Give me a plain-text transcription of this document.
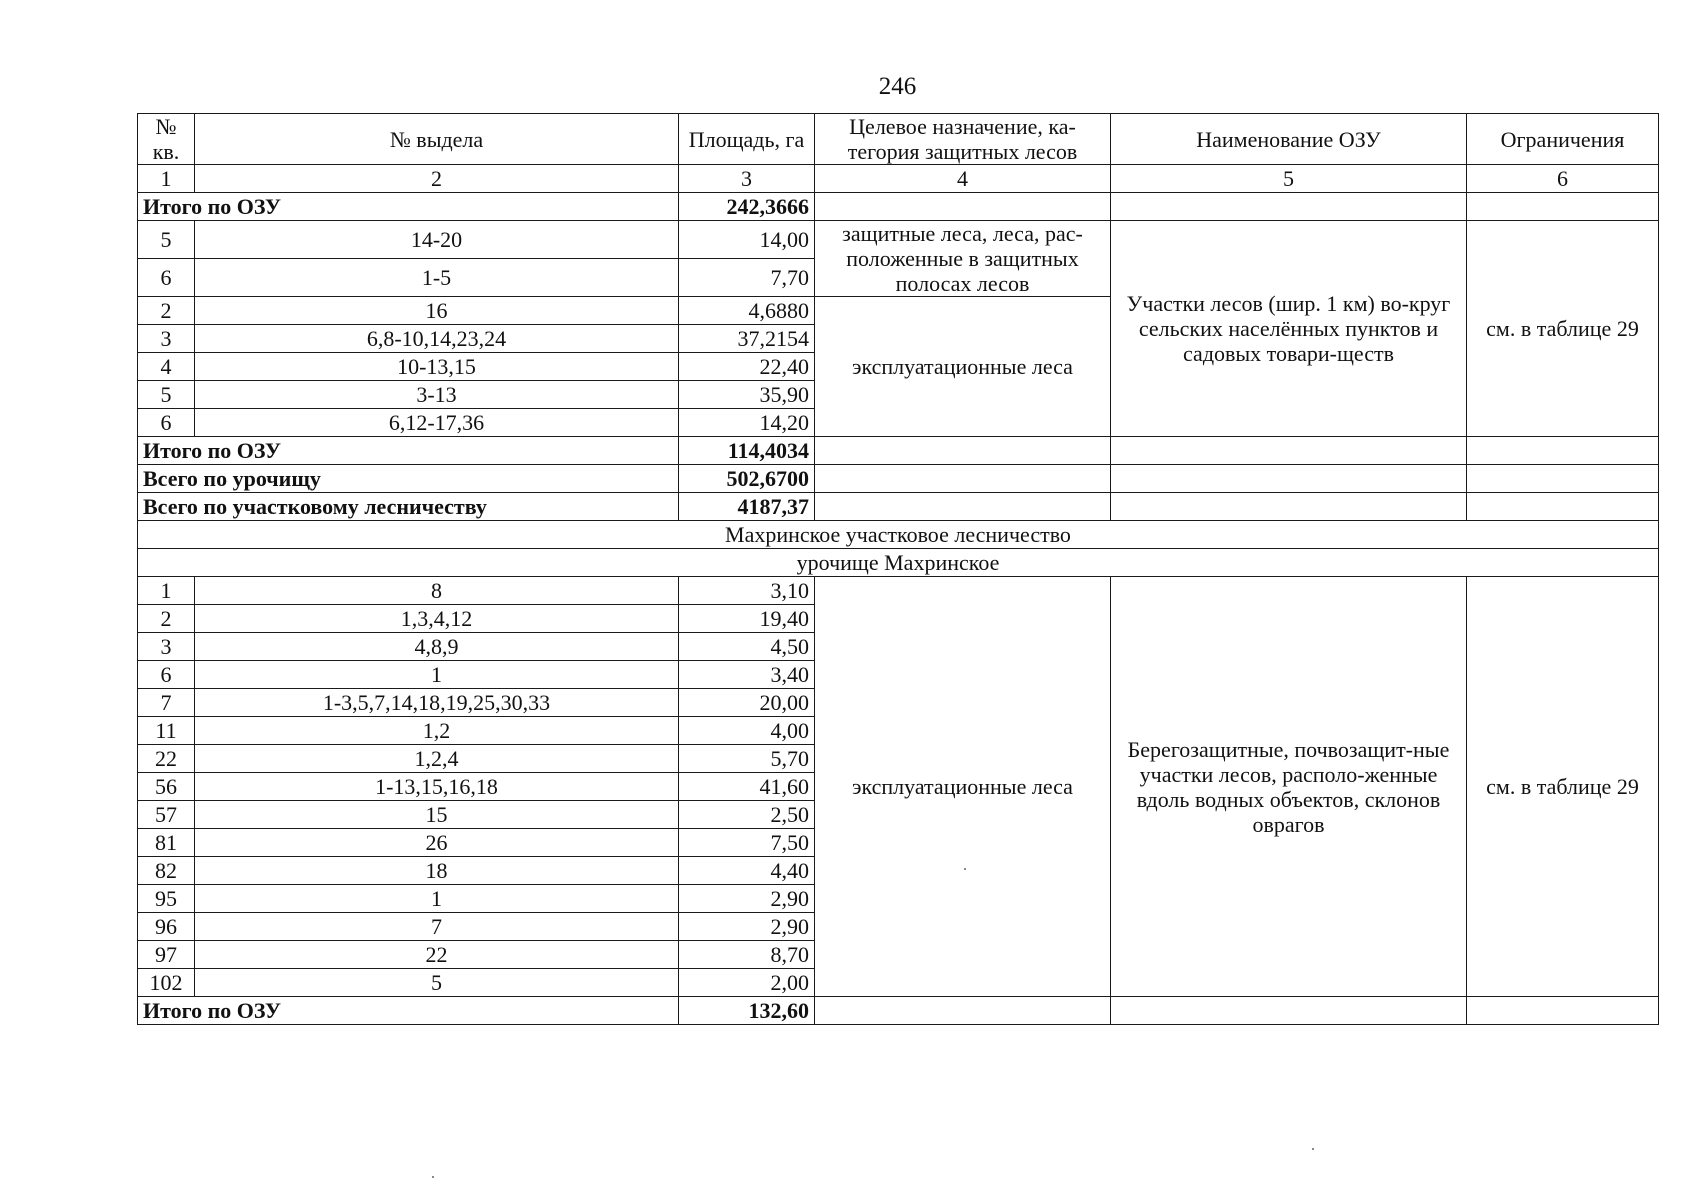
246
№ кв.	№ выдела	Площадь, га	Целевое назначение, ка-тегория защитных лесов	Наименование ОЗУ	Ограничения
1	2	3	4	5	6
Итого по ОЗУ		242,3666			
5	14-20	14,00	защитные леса, леса, рас-положенные в защитных полосах лесов	Участки лесов (шир. 1 км) во-круг сельских населённых пунктов и садовых товари-ществ	см. в таблице 29
6	1-5	7,70			
2	16	4,6880	эксплуатационные леса		
3	6,8-10,14,23,24	37,2154			
4	10-13,15	22,40			
5	3-13	35,90			
6	6,12-17,36	14,20			
Итого по ОЗУ		114,4034			
Всего по урочищу		502,6700			
Всего по участковому лесничеству		4187,37			
Махринское участковое лесничество					
урочище Махринское					
1	8	3,10	эксплуатационные леса	Берегозащитные, почвозащит-ные участки лесов, располо-женные вдоль водных объектов, склонов оврагов	см. в таблице 29
2	1,3,4,12	19,40			
3	4,8,9	4,50			
6	1	3,40			
7	1-3,5,7,14,18,19,25,30,33	20,00			
11	1,2	4,00			
22	1,2,4	5,70			
56	1-13,15,16,18	41,60			
57	15	2,50			
81	26	7,50			
82	18	4,40			
95	1	2,90			
96	7	2,90			
97	22	8,70			
102	5	2,00			
Итого по ОЗУ		132,60			
